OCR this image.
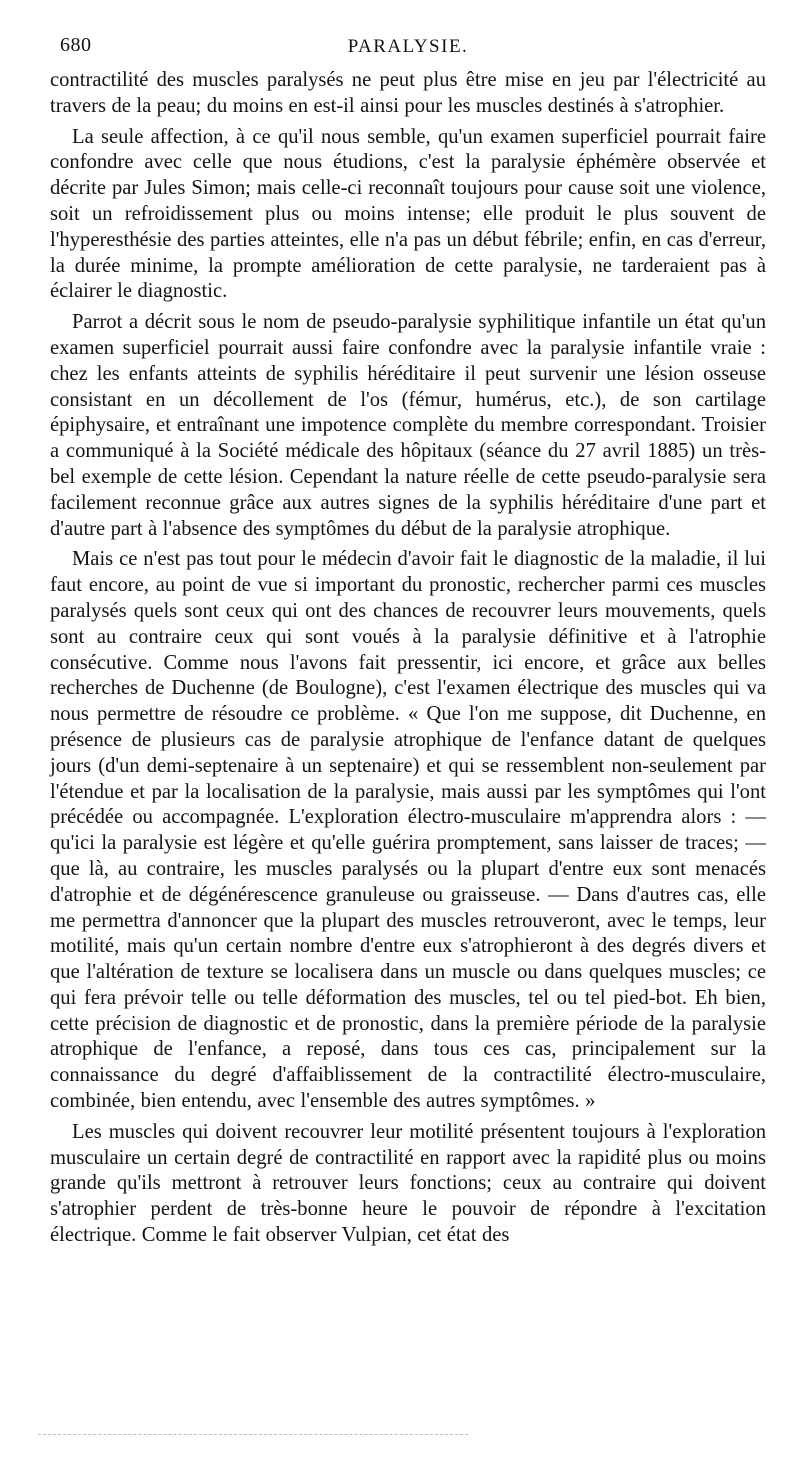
680	PARALYSIE.

contractilité des muscles paralysés ne peut plus être mise en jeu par l'électricité au travers de la peau; du moins en est-il ainsi pour les muscles destinés à s'atrophier.

La seule affection, à ce qu'il nous semble, qu'un examen superficiel pourrait faire confondre avec celle que nous étudions, c'est la paralysie éphémère observée et décrite par Jules Simon; mais celle-ci reconnaît toujours pour cause soit une violence, soit un refroidissement plus ou moins intense; elle produit le plus souvent de l'hyperesthésie des parties atteintes, elle n'a pas un début fébrile; enfin, en cas d'erreur, la durée minime, la prompte amélioration de cette paralysie, ne tarderaient pas à éclairer le diagnostic.

Parrot a décrit sous le nom de pseudo-paralysie syphilitique infantile un état qu'un examen superficiel pourrait aussi faire confondre avec la paralysie infantile vraie : chez les enfants atteints de syphilis héréditaire il peut survenir une lésion osseuse consistant en un décollement de l'os (fémur, humérus, etc.), de son cartilage épiphysaire, et entraînant une impotence complète du membre correspondant. Troisier a communiqué à la Société médicale des hôpitaux (séance du 27 avril 1885) un très-bel exemple de cette lésion. Cependant la nature réelle de cette pseudo-paralysie sera facilement reconnue grâce aux autres signes de la syphilis héréditaire d'une part et d'autre part à l'absence des symptômes du début de la paralysie atrophique.

Mais ce n'est pas tout pour le médecin d'avoir fait le diagnostic de la maladie, il lui faut encore, au point de vue si important du pronostic, rechercher parmi ces muscles paralysés quels sont ceux qui ont des chances de recouvrer leurs mouvements, quels sont au contraire ceux qui sont voués à la paralysie définitive et à l'atrophie consécutive. Comme nous l'avons fait pressentir, ici encore, et grâce aux belles recherches de Duchenne (de Boulogne), c'est l'examen électrique des muscles qui va nous permettre de résoudre ce problème. « Que l'on me suppose, dit Duchenne, en présence de plusieurs cas de paralysie atrophique de l'enfance datant de quelques jours (d'un demi-septenaire à un septenaire) et qui se ressemblent non-seulement par l'étendue et par la localisation de la paralysie, mais aussi par les symptômes qui l'ont précédée ou accompagnée. L'exploration électro-musculaire m'apprendra alors : — qu'ici la paralysie est légère et qu'elle guérira promptement, sans laisser de traces; — que là, au contraire, les muscles paralysés ou la plupart d'entre eux sont menacés d'atrophie et de dégénérescence granuleuse ou graisseuse. — Dans d'autres cas, elle me permettra d'annoncer que la plupart des muscles retrouveront, avec le temps, leur motilité, mais qu'un certain nombre d'entre eux s'atrophieront à des degrés divers et que l'altération de texture se localisera dans un muscle ou dans quelques muscles; ce qui fera prévoir telle ou telle déformation des muscles, tel ou tel pied-bot. Eh bien, cette précision de diagnostic et de pronostic, dans la première période de la paralysie atrophique de l'enfance, a reposé, dans tous ces cas, principalement sur la connaissance du degré d'affaiblissement de la contractilité électro-musculaire, combinée, bien entendu, avec l'ensemble des autres symptômes. »

Les muscles qui doivent recouvrer leur motilité présentent toujours à l'exploration musculaire un certain degré de contractilité en rapport avec la rapidité plus ou moins grande qu'ils mettront à retrouver leurs fonctions; ceux au contraire qui doivent s'atrophier perdent de très-bonne heure le pouvoir de répondre à l'excitation électrique. Comme le fait observer Vulpian, cet état des
